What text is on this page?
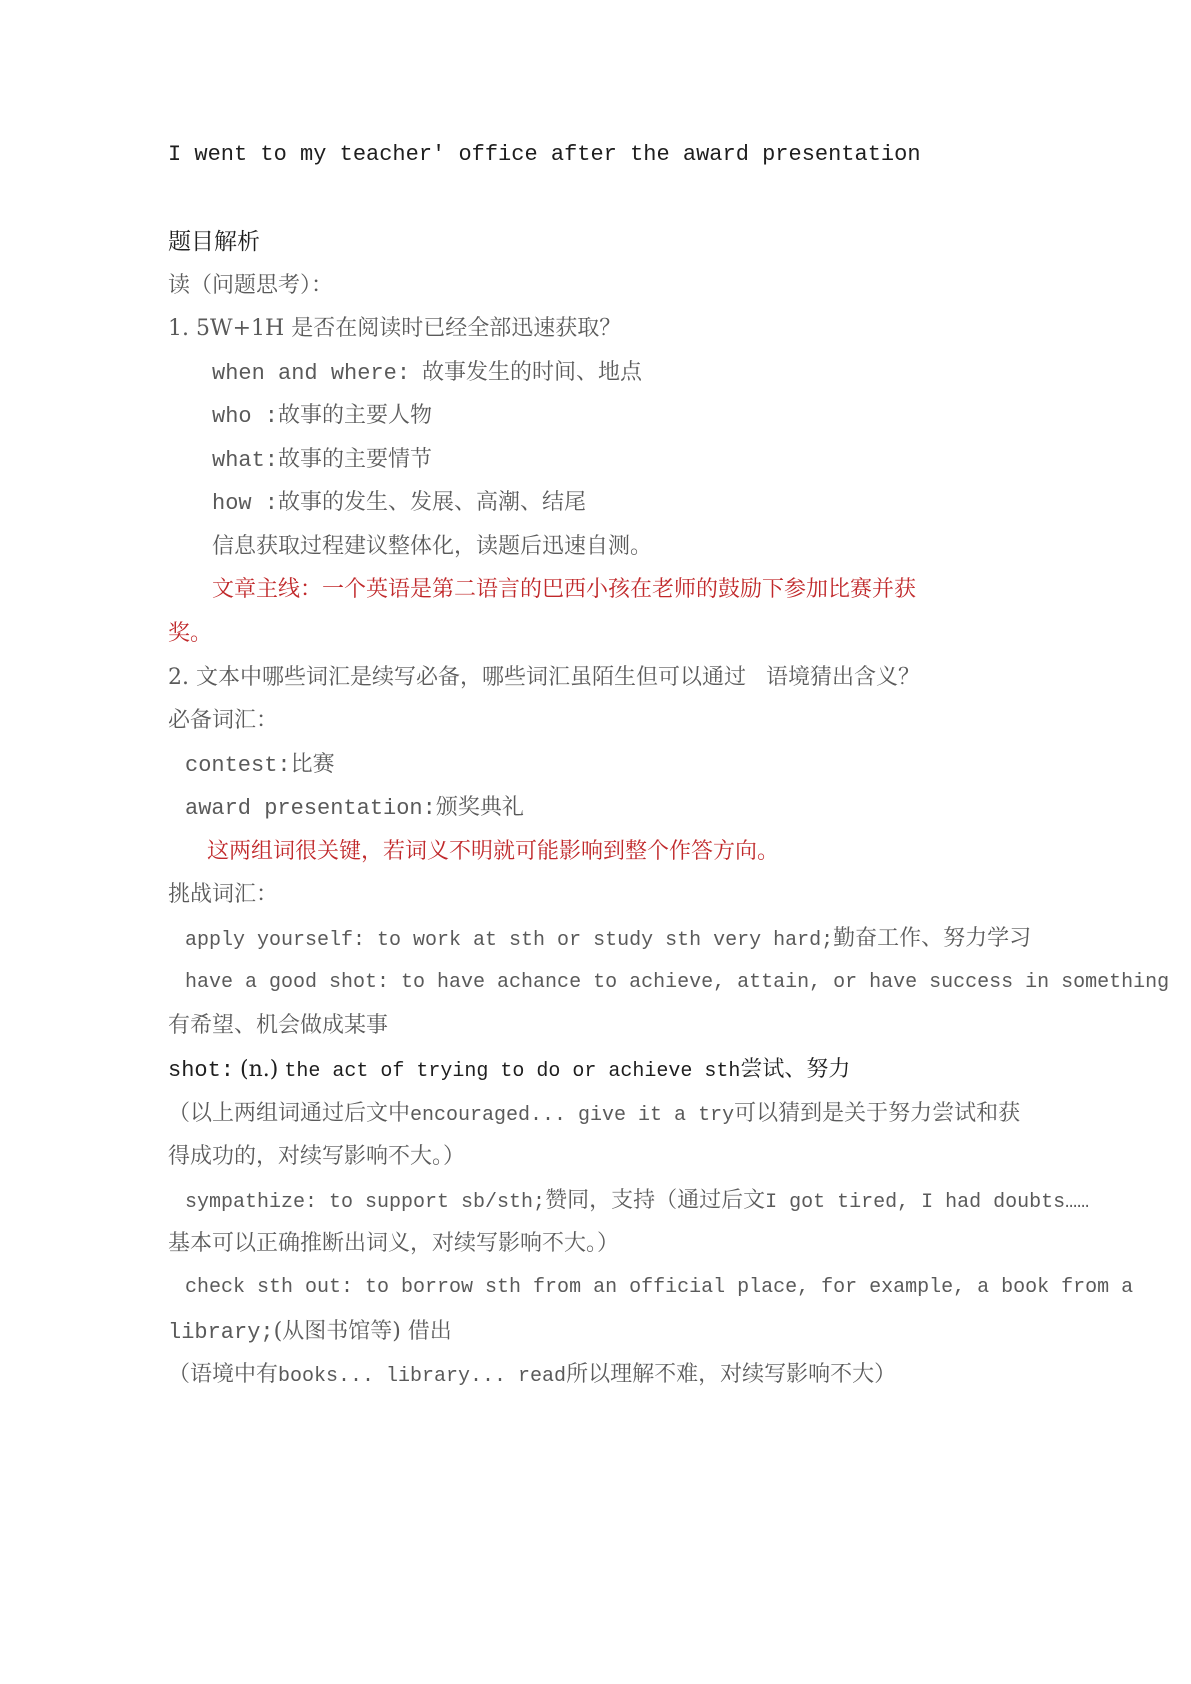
I went to my teacher' office after the award presentation
题目解析
读（问题思考）：
1. 5W+1H 是否在阅读时已经全部迅速获取？
when and where: 故事发生的时间、地点
who :故事的主要人物
what:故事的主要情节
how :故事的发生、发展、高潮、结尾
信息获取过程建议整体化，读题后迅速自测。
文章主线：一个英语是第二语言的巴西小孩在老师的鼓励下参加比赛并获
奖。
2. 文本中哪些词汇是续写必备，哪些词汇虽陌生但可以通过 语境猜出含义？
必备词汇：
contest:比赛
award presentation:颁奖典礼
这两组词很关键，若词义不明就可能影响到整个作答方向。
挑战词汇：
apply yourself: to work at sth or study sth very hard;勤奋工作、努力学习
have a good shot: to have achance to achieve, attain, or have success in something
有希望、机会做成某事
shot: (n.) the act of trying to do or achieve sth尝试、努力
（以上两组词通过后文中encouraged... give it a try可以猜到是关于努力尝试和获
得成功的，对续写影响不大。）
sympathize: to support sb/sth;赞同，支持（通过后文I got tired, I had doubts……
基本可以正确推断出词义，对续写影响不大。）
check sth out: to borrow sth from an official place, for example, a book from a
library;(从图书馆等) 借出
（语境中有books... library... read所以理解不难，对续写影响不大）
